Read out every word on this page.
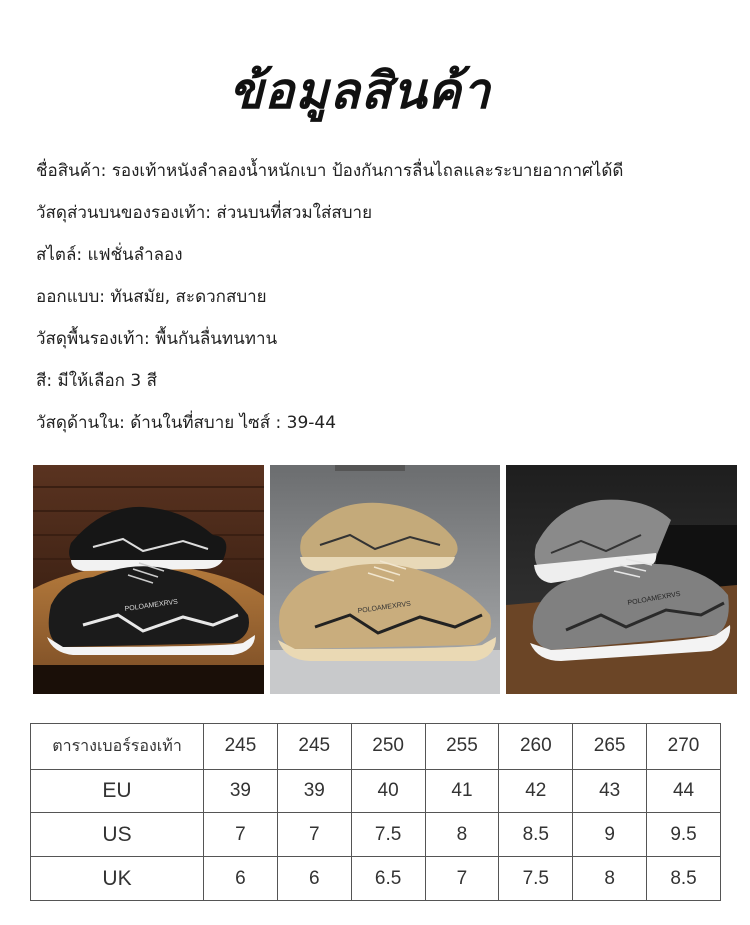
ข้อมูลสินค้า
ชื่อสินค้า: รองเท้าหนังลำลองน้ำหนักเบา ป้องกันการลื่นไถลและระบายอากาศได้ดี
วัสดุส่วนบนของรองเท้า: ส่วนบนที่สวมใส่สบาย
สไตล์: แฟชั่นลำลอง
ออกแบบ: ทันสมัย, สะดวกสบาย
วัสดุพื้นรองเท้า: พื้นกันลื่นทนทาน
สี: มีให้เลือก 3 สี
วัสดุด้านใน: ด้านในที่สบาย ไซส์ : 39-44
POLOAMEXRVS	POLOAMEXRVS
POLOAMEXRVS
ตารางเบอร์รองเท้า	245	245	250	255	260	265	270
EU	39	39	40	41	42	43	44
US	7	7	7.5	8	8.5	9	9.5
UK	6	6	6.5	7	7.5	8	8.5
